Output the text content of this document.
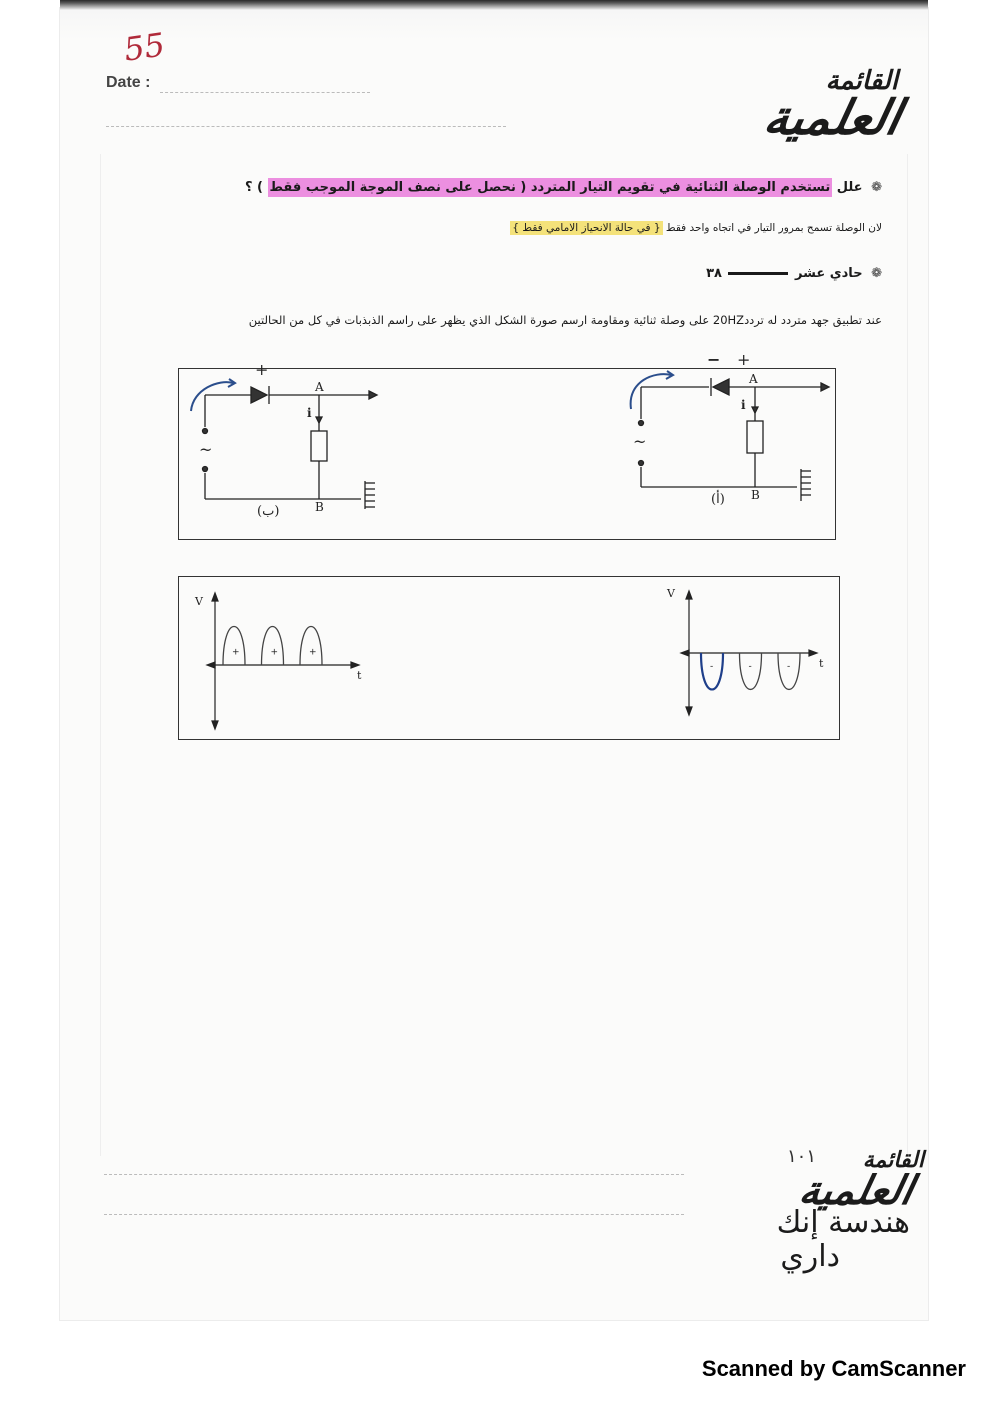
55
Date :	القائمة
العلمية
❁ علل تستخدم الوصلة الثنائية في تقويم التيار المتردد ( نحصل على نصف الموجة الموجب فقط ) ؟
لان الوصلة تسمح بمرور التيار في اتجاه واحد فقط { في حالة الانحياز الامامي فقط }
❁ حادي عشر  ٣٨
عند تطبيق جهد متردد له تردد20HZ على وصلة ثنائية ومقاومة ارسم صورة الشكل الذي يظهر على راسم الذبذبات في كل من الحالتين
+
A
i
~
B
(ب)
− +
A
i
~
B
(أ)
+	+	+
V
t
-	-	-
V
t
١٠١ القائمة
العلمية
هندسة إنك
داري
Scanned by CamScanner
